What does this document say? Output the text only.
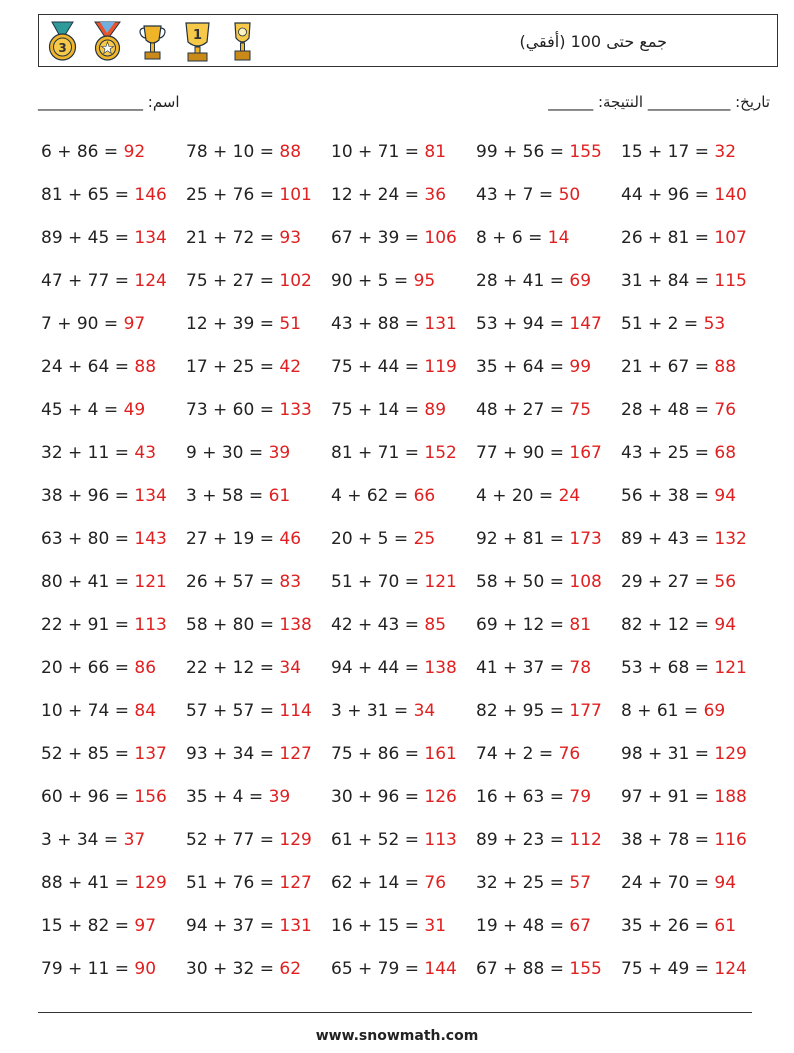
3
1	جمع حتى 100 (أفقي)
اسم: ______________	______ :تاريخ: ___________ النتيجة
6 + 86 = 92 78 + 10 = 88 10 + 71 = 81 99 + 56 = 155 15 + 17 = 32
81 + 65 = 146 25 + 76 = 101 12 + 24 = 36 43 + 7 = 50 44 + 96 = 140
89 + 45 = 134 21 + 72 = 93 67 + 39 = 106 8 + 6 = 14	26 + 81 = 107
47 + 77 = 124 75 + 27 = 102 90 + 5 = 95 28 + 41 = 69 31 + 84 = 115
7 + 90 = 97 12 + 39 = 51 43 + 88 = 131 53 + 94 = 147 51 + 2 = 53
24 + 64 = 88 17 + 25 = 42 75 + 44 = 119 35 + 64 = 99 21 + 67 = 88
45 + 4 = 49 73 + 60 = 133 75 + 14 = 89 48 + 27 = 75 28 + 48 = 76
32 + 11 = 43 9 + 30 = 39 81 + 71 = 152 77 + 90 = 167 43 + 25 = 68
38 + 96 = 134 3 + 58 = 61 4 + 62 = 66 4 + 20 = 24 56 + 38 = 94
63 + 80 = 143 27 + 19 = 46 20 + 5 = 25 92 + 81 = 173 89 + 43 = 132
80 + 41 = 121 26 + 57 = 83 51 + 70 = 121 58 + 50 = 108 29 + 27 = 56
22 + 91 = 113 58 + 80 = 138 42 + 43 = 85 69 + 12 = 81 82 + 12 = 94
20 + 66 = 86 22 + 12 = 34 94 + 44 = 138 41 + 37 = 78 53 + 68 = 121
10 + 74 = 84 57 + 57 = 114 3 + 31 = 34 82 + 95 = 177 8 + 61 = 69
52 + 85 = 137 93 + 34 = 127 75 + 86 = 161 74 + 2 = 76 98 + 31 = 129
60 + 96 = 156 35 + 4 = 39 30 + 96 = 126 16 + 63 = 79 97 + 91 = 188
3 + 34 = 37 52 + 77 = 129 61 + 52 = 113 89 + 23 = 112 38 + 78 = 116
88 + 41 = 129 51 + 76 = 127 62 + 14 = 76 32 + 25 = 57 24 + 70 = 94
15 + 82 = 97 94 + 37 = 131 16 + 15 = 31 19 + 48 = 67 35 + 26 = 61
79 + 11 = 90 30 + 32 = 62 65 + 79 = 144 67 + 88 = 155 75 + 49 = 124
www.snowmath.com
